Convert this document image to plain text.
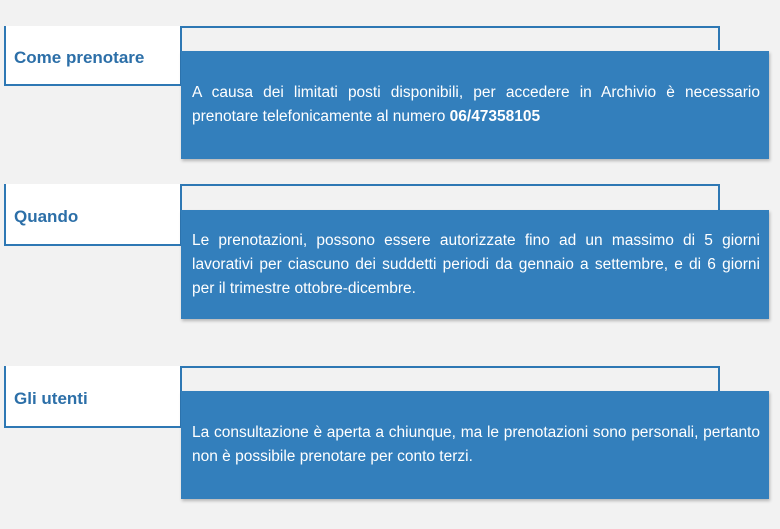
Come prenotare
A causa dei limitati posti disponibili, per accedere in Archivio è necessario prenotare telefonicamente al numero 06/47358105
Quando
Le prenotazioni, possono essere autorizzate fino ad un massimo di 5 giorni lavorativi per ciascuno dei suddetti periodi da gennaio a settembre, e di 6 giorni per il trimestre ottobre-dicembre.
Gli utenti
La consultazione è aperta a chiunque, ma le prenotazioni sono personali, pertanto non è possibile prenotare per conto terzi.
